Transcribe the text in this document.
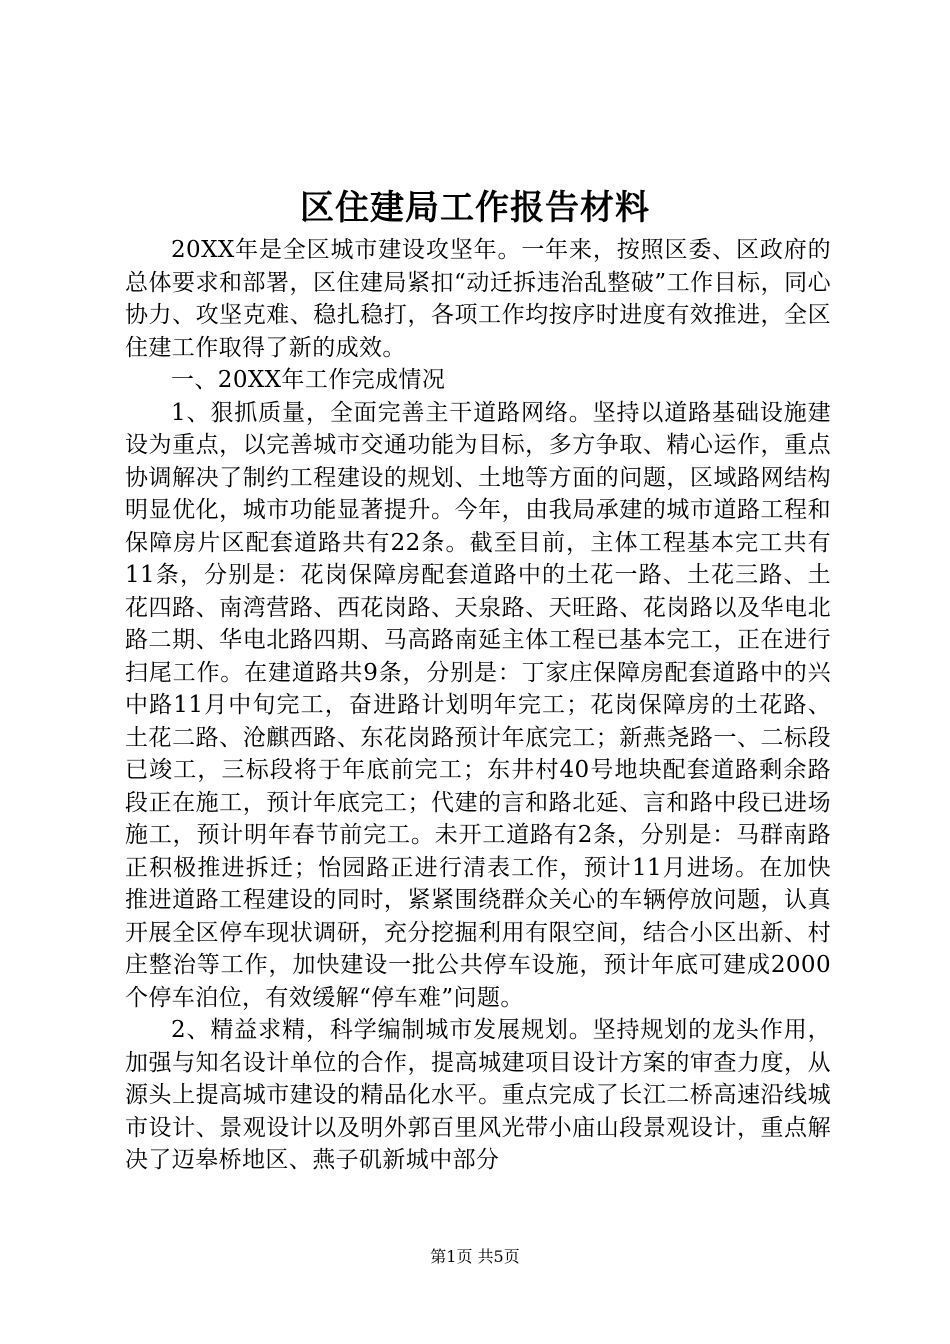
区住建局工作报告材料

20XX年是全区城市建设攻坚年。一年来，按照区委、区政府的总体要求和部署，区住建局紧扣“动迁拆违治乱整破”工作目标，同心协力、攻坚克难、稳扎稳打，各项工作均按序时进度有效推进，全区住建工作取得了新的成效。

一、20XX年工作完成情况

1、狠抓质量，全面完善主干道路网络。坚持以道路基础设施建设为重点，以完善城市交通功能为目标，多方争取、精心运作，重点协调解决了制约工程建设的规划、土地等方面的问题，区域路网结构明显优化，城市功能显著提升。今年，由我局承建的城市道路工程和保障房片区配套道路共有22条。截至目前，主体工程基本完工共有11条，分别是：花岗保障房配套道路中的土花一路、土花三路、土花四路、南湾营路、西花岗路、天泉路、天旺路、花岗路以及华电北路二期、华电北路四期、马高路南延主体工程已基本完工，正在进行扫尾工作。在建道路共9条，分别是：丁家庄保障房配套道路中的兴中路11月中旬完工，奋进路计划明年完工；花岗保障房的土花路、土花二路、沧麒西路、东花岗路预计年底完工；新燕尧路一、二标段已竣工，三标段将于年底前完工；东井村40号地块配套道路剩余路段正在施工，预计年底完工；代建的言和路北延、言和路中段已进场施工，预计明年春节前完工。未开工道路有2条，分别是：马群南路正积极推进拆迁；怡园路正进行清表工作，预计11月进场。在加快推进道路工程建设的同时，紧紧围绕群众关心的车辆停放问题，认真开展全区停车现状调研，充分挖掘利用有限空间，结合小区出新、村庄整治等工作，加快建设一批公共停车设施，预计年底可建成2000个停车泊位，有效缓解“停车难”问题。

2、精益求精，科学编制城市发展规划。坚持规划的龙头作用，加强与知名设计单位的合作，提高城建项目设计方案的审查力度，从源头上提高城市建设的精品化水平。重点完成了长江二桥高速沿线城市设计、景观设计以及明外郭百里风光带小庙山段景观设计，重点解决了迈皋桥地区、燕子矶新城中部分

第1页 共5页
